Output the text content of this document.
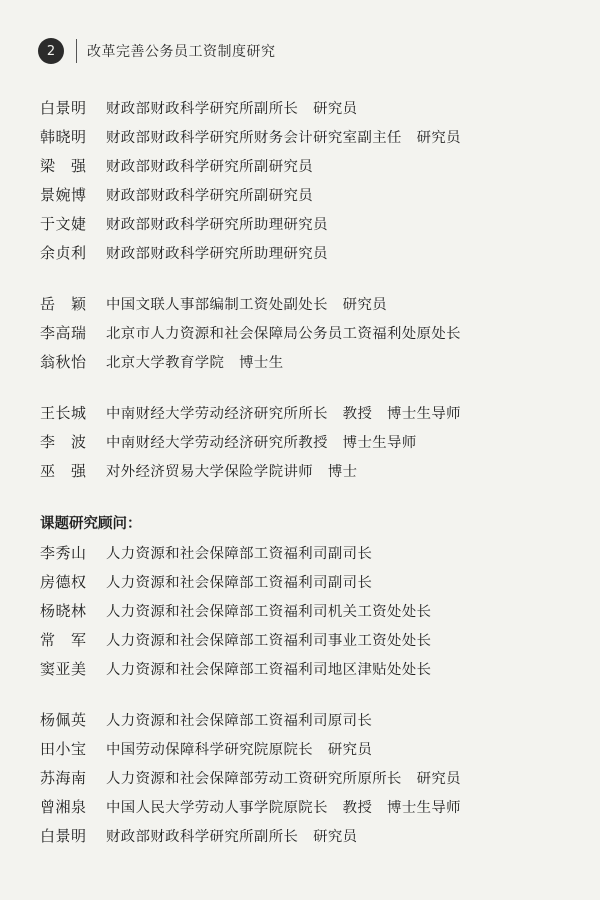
2	改革完善公务员工资制度研究
白景明 财政部财政科学研究所副所长　研究员
韩晓明 财政部财政科学研究所财务会计研究室副主任　研究员
梁　强 财政部财政科学研究所副研究员
景婉博 财政部财政科学研究所副研究员
于文婕 财政部财政科学研究所助理研究员
余贞利 财政部财政科学研究所助理研究员
岳　颖 中国文联人事部编制工资处副处长　研究员
李高瑞 北京市人力资源和社会保障局公务员工资福利处原处长
翁秋怡 北京大学教育学院　博士生
王长城 中南财经大学劳动经济研究所所长　教授　博士生导师
李　波 中南财经大学劳动经济研究所教授　博士生导师
巫　强 对外经济贸易大学保险学院讲师　博士
课题研究顾问：
李秀山 人力资源和社会保障部工资福利司副司长
房德权 人力资源和社会保障部工资福利司副司长
杨晓林 人力资源和社会保障部工资福利司机关工资处处长
常　军 人力资源和社会保障部工资福利司事业工资处处长
窦亚美 人力资源和社会保障部工资福利司地区津贴处处长
杨佩英 人力资源和社会保障部工资福利司原司长
田小宝 中国劳动保障科学研究院原院长　研究员
苏海南 人力资源和社会保障部劳动工资研究所原所长　研究员
曾湘泉 中国人民大学劳动人事学院原院长　教授　博士生导师
白景明 财政部财政科学研究所副所长　研究员
